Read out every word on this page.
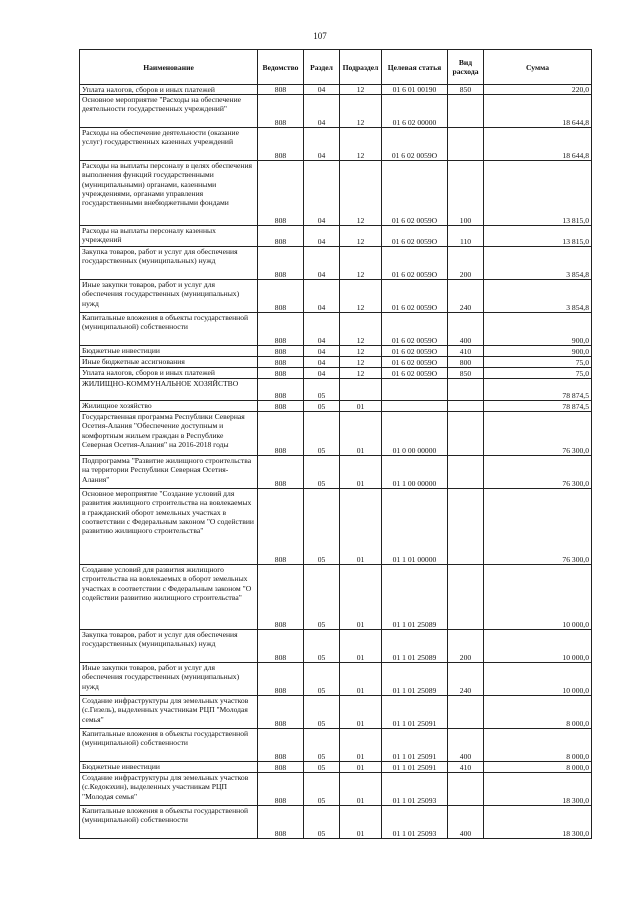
107
Наименование	Ведомство	Раздел	Подраздел	Целевая статья	Вид расхода	Сумма
Уплата налогов, сборов и иных платежей	808	04	12	01 6 01 00190	850	220,0
Основное мероприятие "Расходы на обеспечение деятельности государственных учреждений"	808	04	12	01 6 02 00000		18 644,8
Расходы на обеспечение деятельности (оказание услуг) государственных казенных учреждений	808	04	12	01 6 02 0059О		18 644,8
Расходы на выплаты персоналу в целях обеспечения выполнения функций государственными (муниципальными) органами, казенными учреждениями, органами управления государственными внебюджетными фондами	808	04	12	01 6 02 0059О	100	13 815,0
Расходы на выплаты персоналу казенных учреждений	808	04	12	01 6 02 0059О	110	13 815,0
Закупка товаров, работ и услуг для обеспечения государственных (муниципальных) нужд	808	04	12	01 6 02 0059О	200	3 854,8
Иные закупки товаров, работ и услуг для обеспечения государственных (муниципальных) нужд	808	04	12	01 6 02 0059О	240	3 854,8
Капитальные вложения в объекты государственной (муниципальной) собственности	808	04	12	01 6 02 0059О	400	900,0
Бюджетные инвестиции	808	04	12	01 6 02 0059О	410	900,0
Иные бюджетные ассигнования	808	04	12	01 6 02 0059О	800	75,0
Уплата налогов, сборов и иных платежей	808	04	12	01 6 02 0059О	850	75,0
ЖИЛИЩНО-КОММУНАЛЬНОЕ ХОЗЯЙСТВО	808	05				78 874,5
Жилищное хозяйство	808	05	01			78 874,5
Государственная программа Республики Северная Осетия-Алания "Обеспечение доступным и комфортным жильем граждан в Республике Северная Осетия-Алания" на 2016-2018 годы	808	05	01	01 0 00 00000		76 300,0
Подпрограмма "Развитие жилищного строительства на территории Республики Северная Осетия-Алания"	808	05	01	01 1 00 00000		76 300,0
Основное мероприятие "Создание условий для развития жилищного строительства на вовлекаемых в гражданский оборот земельных участках в соответствии с Федеральным законом "О содействии развитию жилищного строительства"	808	05	01	01 1 01 00000		76 300,0
Создание условий для развития жилищного строительства на вовлекаемых в оборот земельных участках в соответствии с Федеральным законом "О содействии развитию жилищного строительства"	808	05	01	01 1 01 25089		10 000,0
Закупка товаров, работ и услуг для обеспечения государственных (муниципальных) нужд	808	05	01	01 1 01 25089	200	10 000,0
Иные закупки товаров, работ и услуг для обеспечения государственных (муниципальных) нужд	808	05	01	01 1 01 25089	240	10 000,0
Создание инфраструктуры для земельных участков (с.Гизель), выделенных участникам РЦП "Молодая семья"	808	05	01	01 1 01 25091		8 000,0
Капитальные вложения в объекты государственной (муниципальной) собственности	808	05	01	01 1 01 25091	400	8 000,0
Бюджетные инвестиции	808	05	01	01 1 01 25091	410	8 000,0
Создание инфраструктуры для земельных участков (с.Кедокэхин), выделенных участникам РЦП "Молодая семья"	808	05	01	01 1 01 25093		18 300,0
Капитальные вложения в объекты государственной (муниципальной) собственности	808	05	01	01 1 01 25093	400	18 300,0
